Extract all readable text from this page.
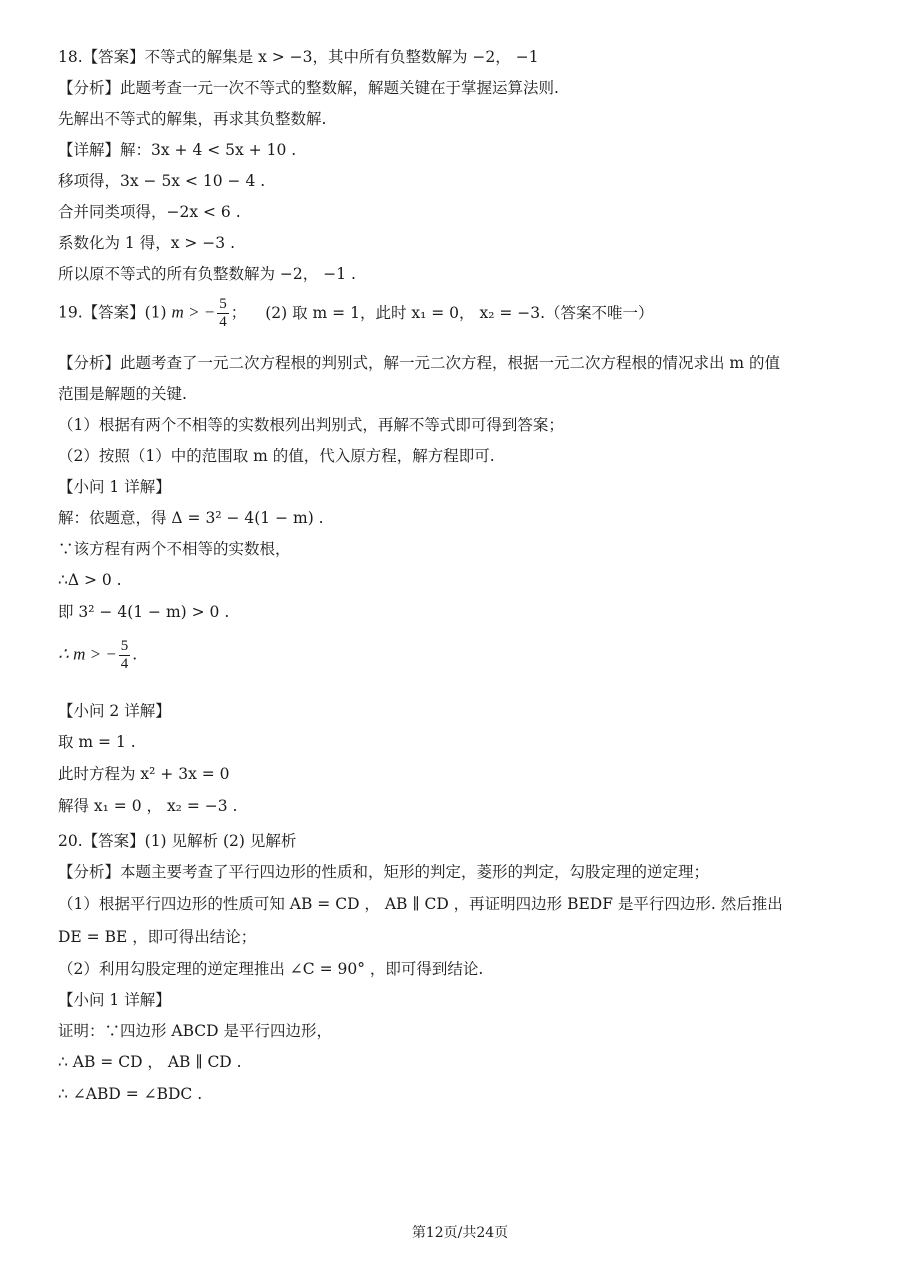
18.【答案】不等式的解集是 x > −3，其中所有负整数解为 −2， −1
【分析】此题考查一元一次不等式的整数解，解题关键在于掌握运算法则.
先解出不等式的解集，再求其负整数解.
【详解】解：3x + 4 < 5x + 10 .
移项得，3x − 5x < 10 − 4 .
合并同类项得，−2x < 6 .
系数化为 1 得，x > −3 .
所以原不等式的所有负整数解为 −2， −1 .
19.【答案】(1) m > − $\frac{5}{4}$ ； (2) 取 m = 1，此时 x₁ = 0， x₂ = −3.（答案不唯一）
【分析】此题考查了一元二次方程根的判别式，解一元二次方程，根据一元二次方程根的情况求出 m 的值
范围是解题的关键.
（1）根据有两个不相等的实数根列出判别式，再解不等式即可得到答案；
（2）按照（1）中的范围取 m 的值，代入原方程，解方程即可.
【小问 1 详解】
解：依题意，得 Δ = 3² − 4(1 − m) .
∵该方程有两个不相等的实数根，
∴Δ > 0 .
即 3² − 4(1 − m) > 0 .
∴ m > − $\frac{5}{4}$ .
【小问 2 详解】
取 m = 1 .
此时方程为 x² + 3x = 0
解得 x₁ = 0 ， x₂ = −3 .
20.【答案】(1) 见解析 (2) 见解析
【分析】本题主要考查了平行四边形的性质和，矩形的判定，菱形的判定，勾股定理的逆定理；
（1）根据平行四边形的性质可知 AB = CD ， AB ∥ CD ，再证明四边形 BEDF 是平行四边形. 然后推出
DE = BE ，即可得出结论；
（2）利用勾股定理的逆定理推出 ∠C = 90° ，即可得到结论.
【小问 1 详解】
证明：∵四边形 ABCD 是平行四边形，
∴ AB = CD ， AB ∥ CD .
∴ ∠ABD = ∠BDC .
第12页/共24页
